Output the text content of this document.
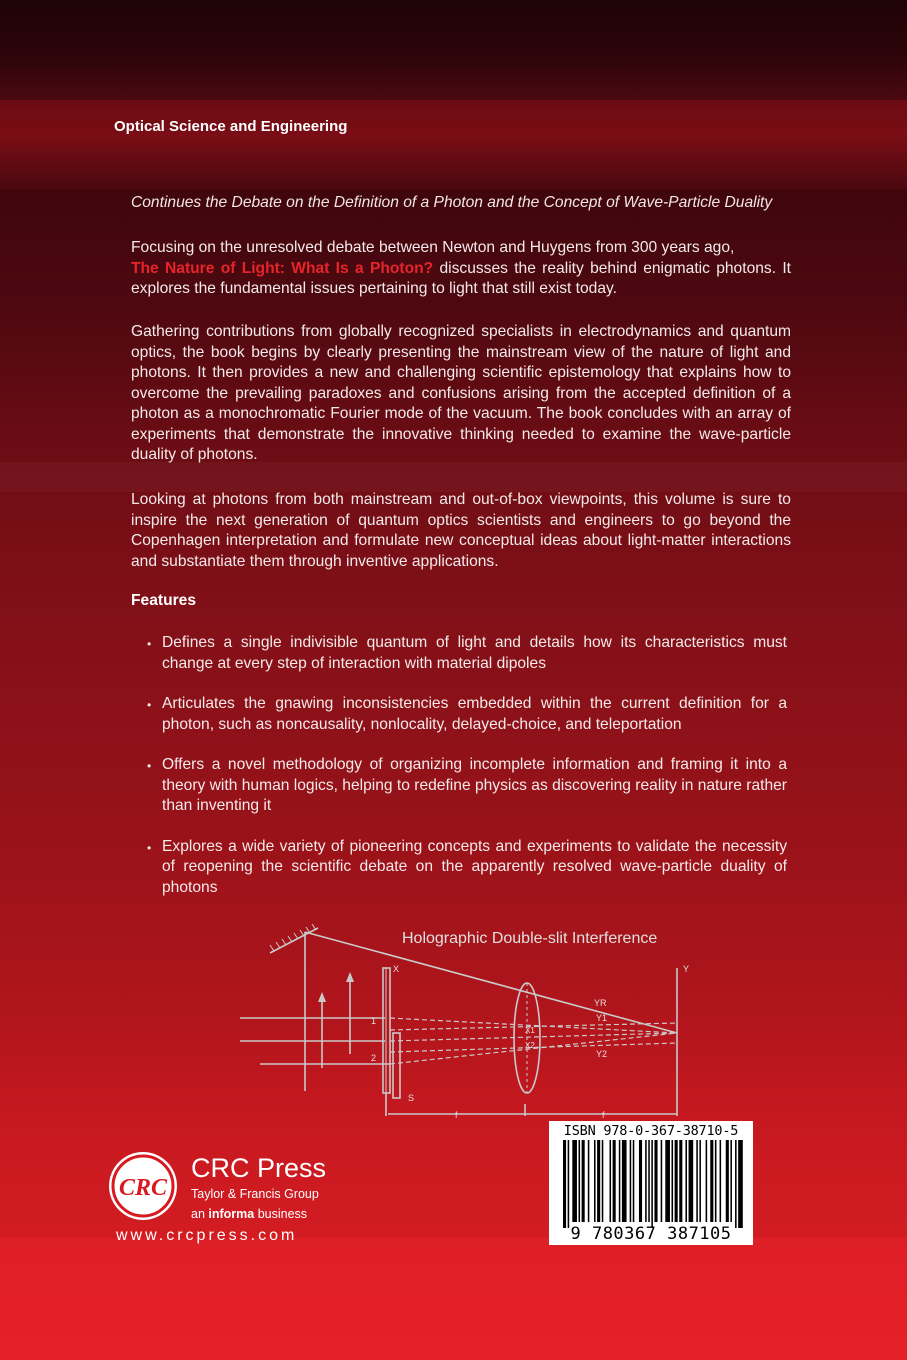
Optical Science and Engineering
Continues the Debate on the Definition of a Photon and the Concept of Wave-Particle Duality

Focusing on the unresolved debate between Newton and Huygens from 300 years ago,
The Nature of Light: What Is a Photon? discusses the reality behind enigmatic photons. It explores the fundamental issues pertaining to light that still exist today.

Gathering contributions from globally recognized specialists in electrodynamics and quantum optics, the book begins by clearly presenting the mainstream view of the nature of light and photons. It then provides a new and challenging scientific epistemology that explains how to overcome the prevailing paradoxes and confusions arising from the accepted definition of a photon as a monochromatic Fourier mode of the vacuum. The book concludes with an array of experiments that demonstrate the innovative thinking needed to examine the wave-particle duality of photons.

Looking at photons from both mainstream and out-of-box viewpoints, this volume is sure to inspire the next generation of quantum optics scientists and engineers to go beyond the Copenhagen interpretation and formulate new conceptual ideas about light-matter interactions and substantiate them through inventive applications.

Features
• Defines a single indivisible quantum of light and details how its characteristics must change at every step of interaction with material dipoles
• Articulates the gnawing inconsistencies embedded within the current definition for a photon, such as noncausality, nonlocality, delayed-choice, and teleportation
• Offers a novel methodology of organizing incomplete information and framing it into a theory with human logics, helping to redefine physics as discovering reality in nature rather than inventing it
• Explores a wide variety of pioneering concepts and experiments to validate the necessity of reopening the scientific debate on the apparently resolved wave-particle duality of photons
Holographic Double-slit Interference
X	Y
S
f	f
1
2
YR
Y1
Y2
X1
X2
CRC
CRC Press
Taylor & Francis Group
an informa business
www.crcpress.com
ISBN 978-0-367-38710-5
9 780367 387105
